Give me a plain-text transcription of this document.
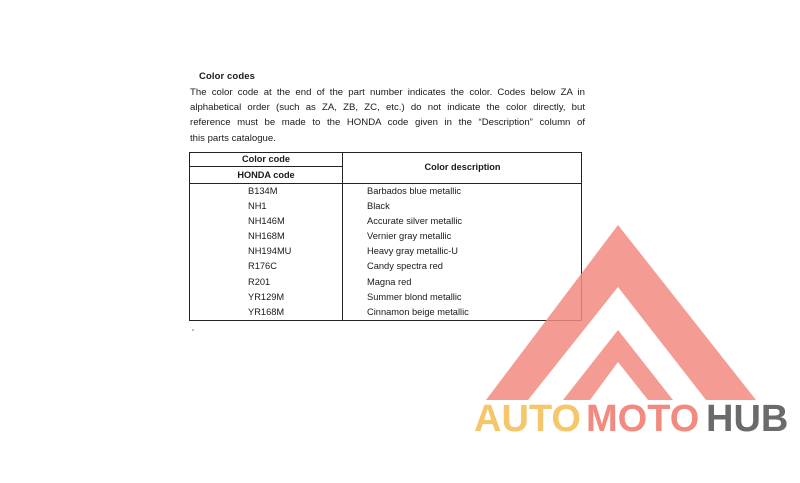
Color codes
The color code at the end of the part number indicates the color. Codes below ZA in
alphabetical order (such as ZA, ZB, ZC, etc.) do not indicate the color directly, but
reference must be made to the HONDA code given in the “Description” column of
this parts catalogue.
Color code
HONDA code
Color description
B134M	Barbados blue metallic
NH1	Black
NH146M	Accurate silver metallic
NH168M	Vernier gray metallic
NH194MU	Heavy gray metallic-U
R176C	Candy spectra red
R201	Magna red
YR129M	Summer blond metallic
YR168M	Cinnamon beige metallic
AUTO MOTO HUB
